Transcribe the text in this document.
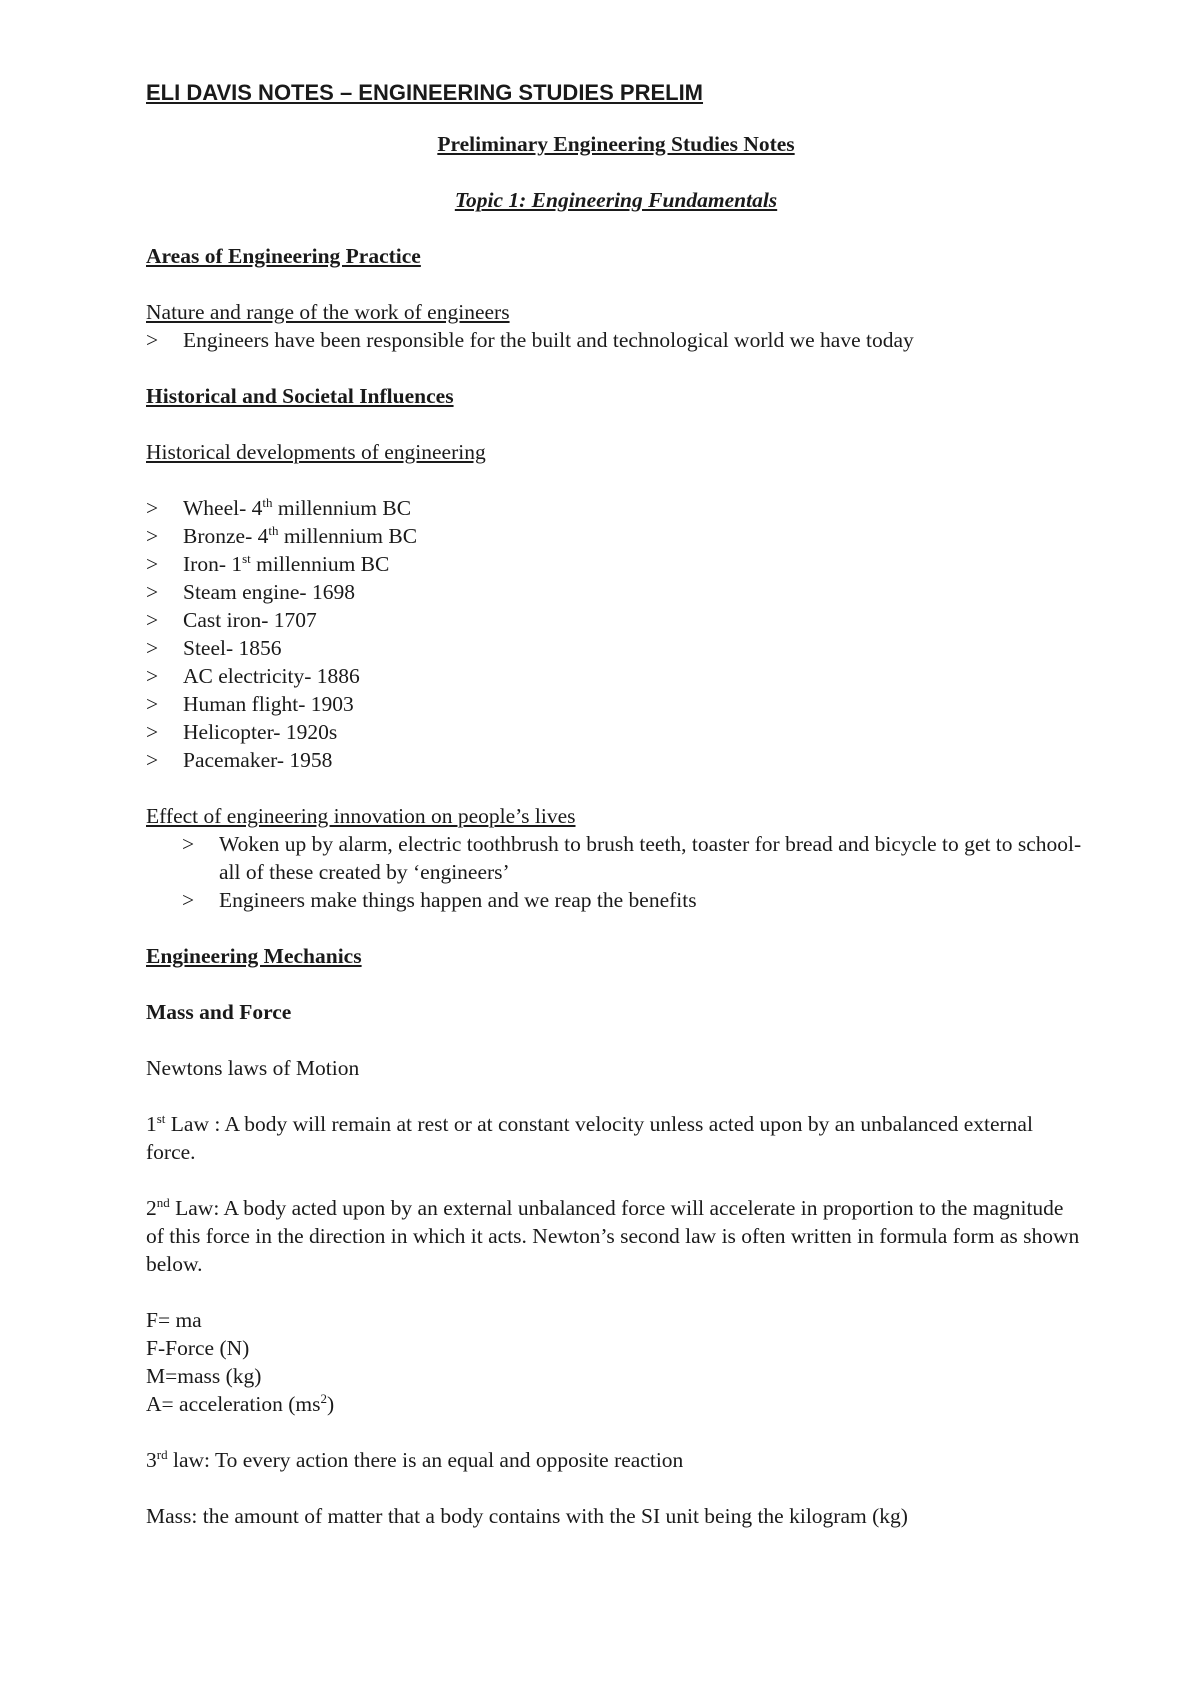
ELI DAVIS NOTES – ENGINEERING STUDIES PRELIM
Preliminary Engineering Studies Notes
Topic 1: Engineering Fundamentals
Areas of Engineering Practice
Nature and range of the work of engineers
> Engineers have been responsible for the built and technological world we have today
Historical and Societal Influences
Historical developments of engineering
> Wheel- 4th millennium BC
> Bronze- 4th millennium BC
> Iron- 1st millennium BC
> Steam engine- 1698
> Cast iron- 1707
> Steel- 1856
> AC electricity- 1886
> Human flight- 1903
> Helicopter- 1920s
> Pacemaker- 1958
Effect of engineering innovation on people’s lives
> Woken up by alarm, electric toothbrush to brush teeth, toaster for bread and bicycle to get to school- all of these created by ‘engineers’
> Engineers make things happen and we reap the benefits
Engineering Mechanics
Mass and Force
Newtons laws of Motion
1st Law : A body will remain at rest or at constant velocity unless acted upon by an unbalanced external force.
2nd Law: A body acted upon by an external unbalanced force will accelerate in proportion to the magnitude of this force in the direction in which it acts. Newton’s second law is often written in formula form as shown below.
F= ma
F-Force (N)
M=mass (kg)
A= acceleration $(ms^2)$
3rd law: To every action there is an equal and opposite reaction
Mass: the amount of matter that a body contains with the SI unit being the kilogram (kg)
